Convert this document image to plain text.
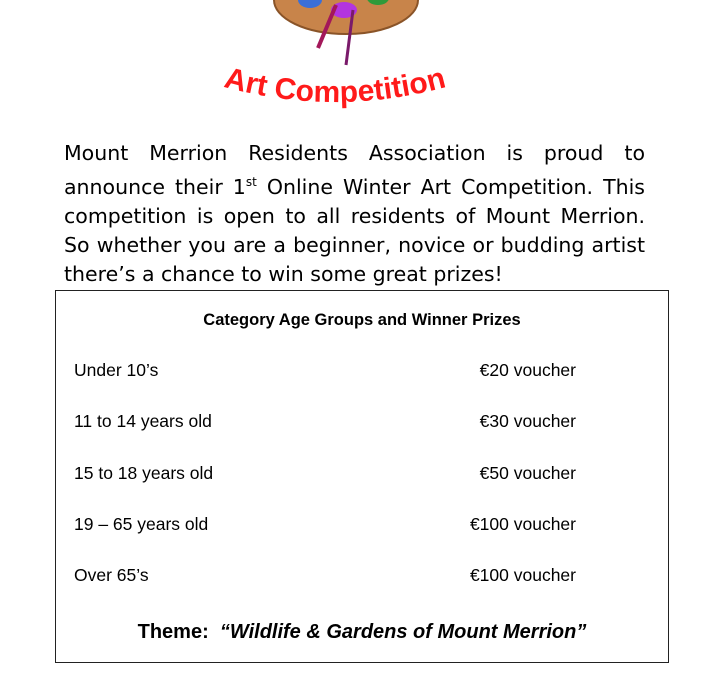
Art Competition

Mount Merrion Residents Association is proud to announce their 1st Online Winter Art Competition. This competition is open to all residents of Mount Merrion. So whether you are a beginner, novice or budding artist there’s a chance to win some great prizes!

Category Age Groups and Winner Prizes
Under 10’s	€20 voucher
11 to 14 years old	€30 voucher
15 to 18 years old	€50 voucher
19 – 65 years old	€100 voucher
Over 65’s	€100 voucher
Theme: “Wildlife & Gardens of Mount Merrion”
